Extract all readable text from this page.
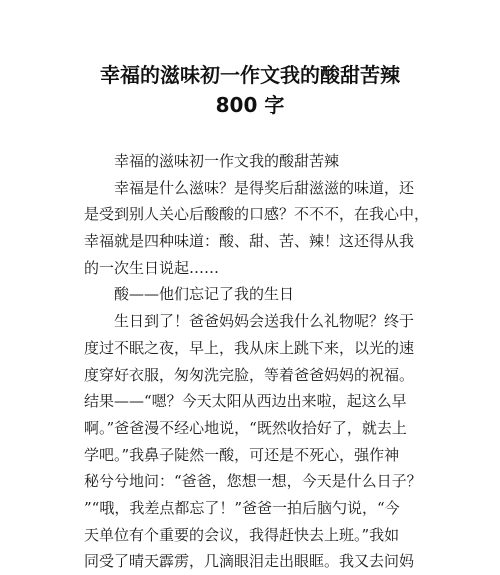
幸福的滋味初一作文我的酸甜苦辣
800 字
幸福的滋味初一作文我的酸甜苦辣
幸福是什么滋味？是得奖后甜滋滋的味道，还
是受到别人关心后酸酸的口感？不不不，在我心中，
幸福就是四种味道：酸、甜、苦、辣！这还得从我
的一次生日说起……
酸——他们忘记了我的生日
生日到了！爸爸妈妈会送我什么礼物呢？终于
度过不眠之夜，早上，我从床上跳下来，以光的速
度穿好衣服，匆匆洗完脸，等着爸爸妈妈的祝福。
结果——“嗯？今天太阳从西边出来啦，起这么早
啊。”爸爸漫不经心地说，“既然收拾好了，就去上
学吧。”我鼻子陡然一酸，可还是不死心，强作神
秘兮兮地问：“爸爸，您想一想，今天是什么日子？
”“哦，我差点都忘了！”爸爸一拍后脑勺说，“今
天单位有个重要的会议，我得赶快去上班。”我如
同受了晴天霹雳，几滴眼泪走出眼眶。我又去问妈
